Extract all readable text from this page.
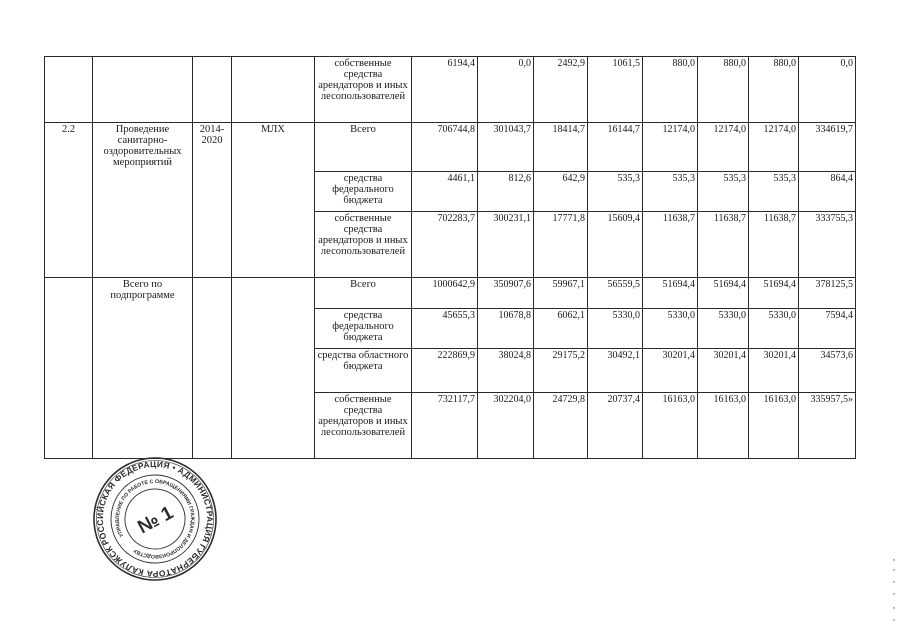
				собственные средства арендаторов и иных лесопользователей	6194,4	0,0	2492,9	1061,5	880,0	880,0	880,0	0,0
2.2	Проведение санитарно-оздоровительных мероприятий	2014-2020	МЛХ	Всего	706744,8	301043,7	18414,7	16144,7	12174,0	12174,0	12174,0	334619,7
				средства федерального бюджета	4461,1	812,6	642,9	535,3	535,3	535,3	535,3	864,4
				собственные средства арендаторов и иных лесопользователей	702283,7	300231,1	17771,8	15609,4	11638,7	11638,7	11638,7	333755,3
	Всего по подпрограмме			Всего	1000642,9	350907,6	59967,1	56559,5	51694,4	51694,4	51694,4	378125,5
				средства федерального бюджета	45655,3	10678,8	6062,1	5330,0	5330,0	5330,0	5330,0	7594,4
				средства областного бюджета	222869,9	38024,8	29175,2	30492,1	30201,4	30201,4	30201,4	34573,6
				собственные средства арендаторов и иных лесопользователей	732117,7	302204,0	24729,8	20737,4	16163,0	16163,0	16163,0	335957,5»
РОССИЙСКАЯ ФЕДЕРАЦИЯ • АДМИНИСТРАЦИЯ ГУБЕРНАТОРА КАЛУЖСКОЙ
УПРАВЛЕНИЕ ПО РАБОТЕ С ОБРАЩЕНИЯМИ ГРАЖДАН И ДЕЛОПРОИЗВОДСТВУ
№ 1
